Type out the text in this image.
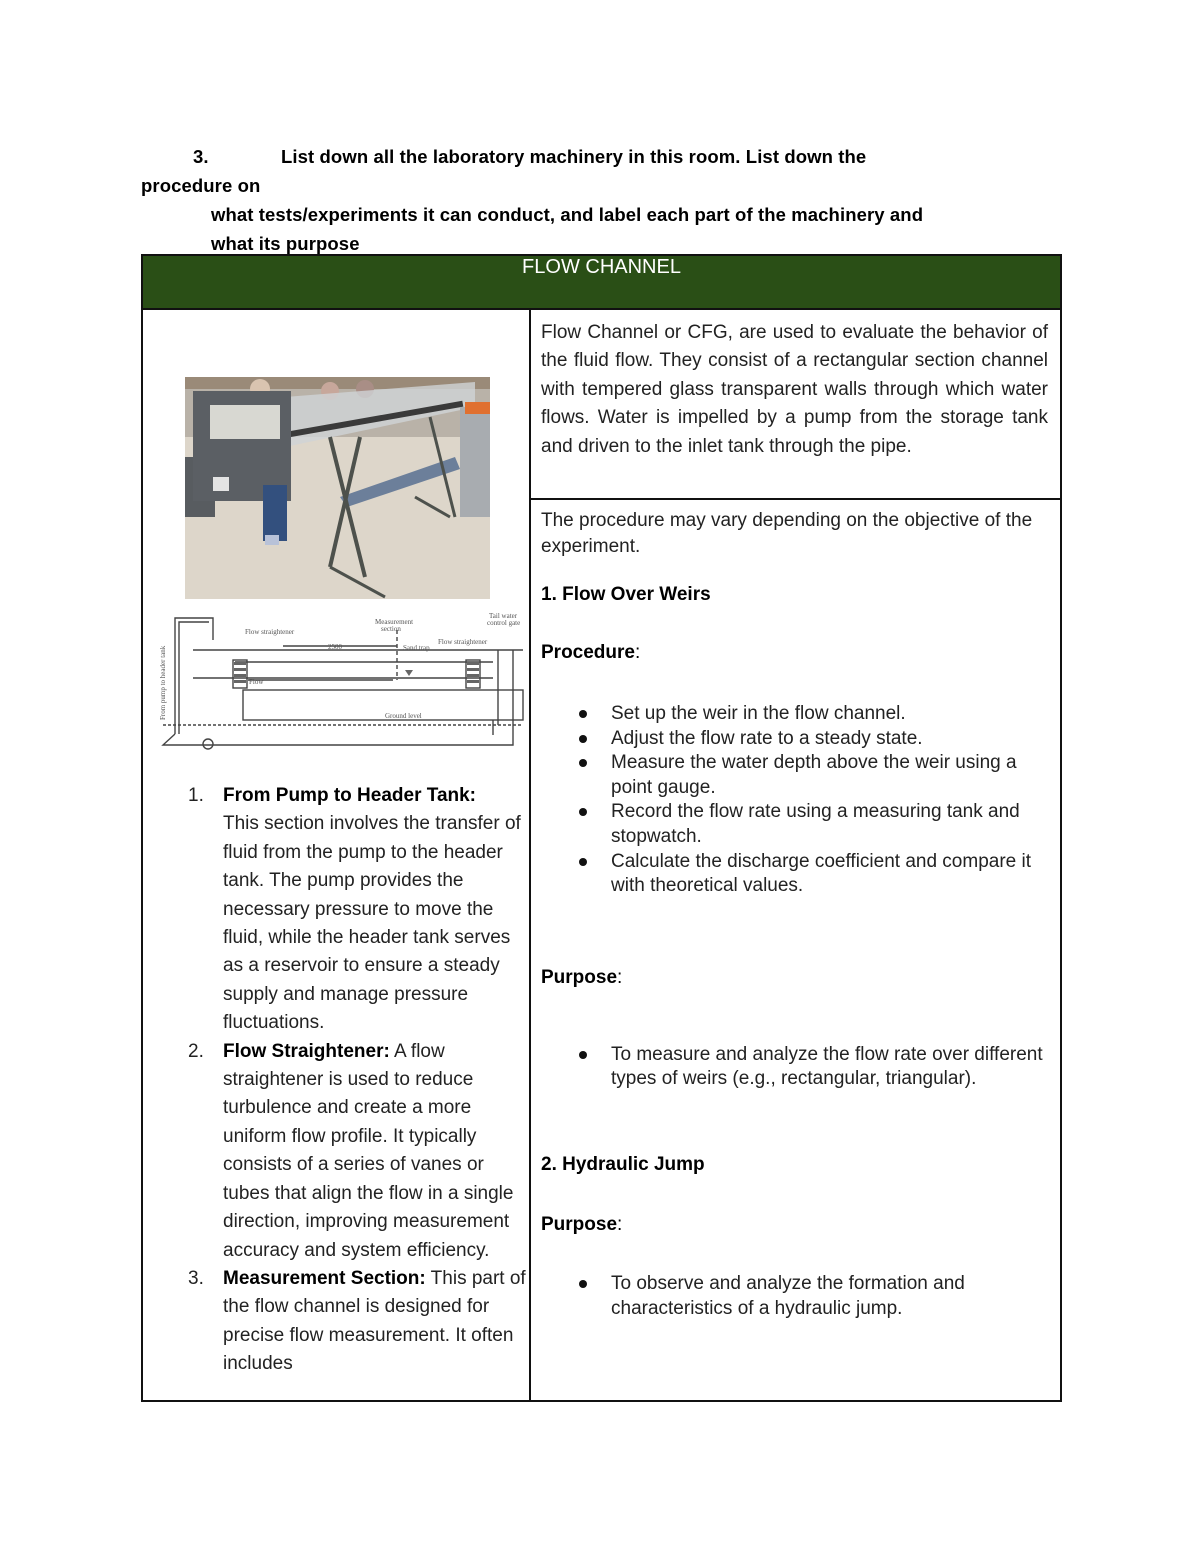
3.	List down all the laboratory machinery in this room. List down the
procedure on
what tests/experiments it can conduct, and label each part of the machinery and
what its purpose
FLOW CHANNEL

Flow straightener
Measurement
section
2500	Sand trap
Flow straightener
Tail water
control gate
Flow
Ground level
From pump to header tank
1. From Pump to Header Tank:
This section involves the transfer of fluid from the pump to the header tank. The pump provides the necessary pressure to move the fluid, while the header tank serves as a reservoir to ensure a steady supply and manage pressure fluctuations.
2. Flow Straightener: A flow straightener is used to reduce turbulence and create a more uniform flow profile. It typically consists of a series of vanes or tubes that align the flow in a single direction, improving measurement accuracy and system efficiency.
3. Measurement Section: This part of the flow channel is designed for precise flow measurement. It often includes

Flow Channel or CFG, are used to evaluate the behavior of the fluid flow. They consist of a rectangular section channel with tempered glass transparent walls through which water flows. Water is impelled by a pump from the storage tank and driven to the inlet tank through the pipe.

The procedure may vary depending on the objective of the experiment.

1. Flow Over Weirs

Procedure:

Set up the weir in the flow channel.
Adjust the flow rate to a steady state.
Measure the water depth above the weir using a point gauge.
Record the flow rate using a measuring tank and stopwatch.
Calculate the discharge coefficient and compare it with theoretical values.

Purpose:

To measure and analyze the flow rate over different types of weirs (e.g., rectangular, triangular).

2. Hydraulic Jump

Purpose:

To observe and analyze the formation and characteristics of a hydraulic jump.
